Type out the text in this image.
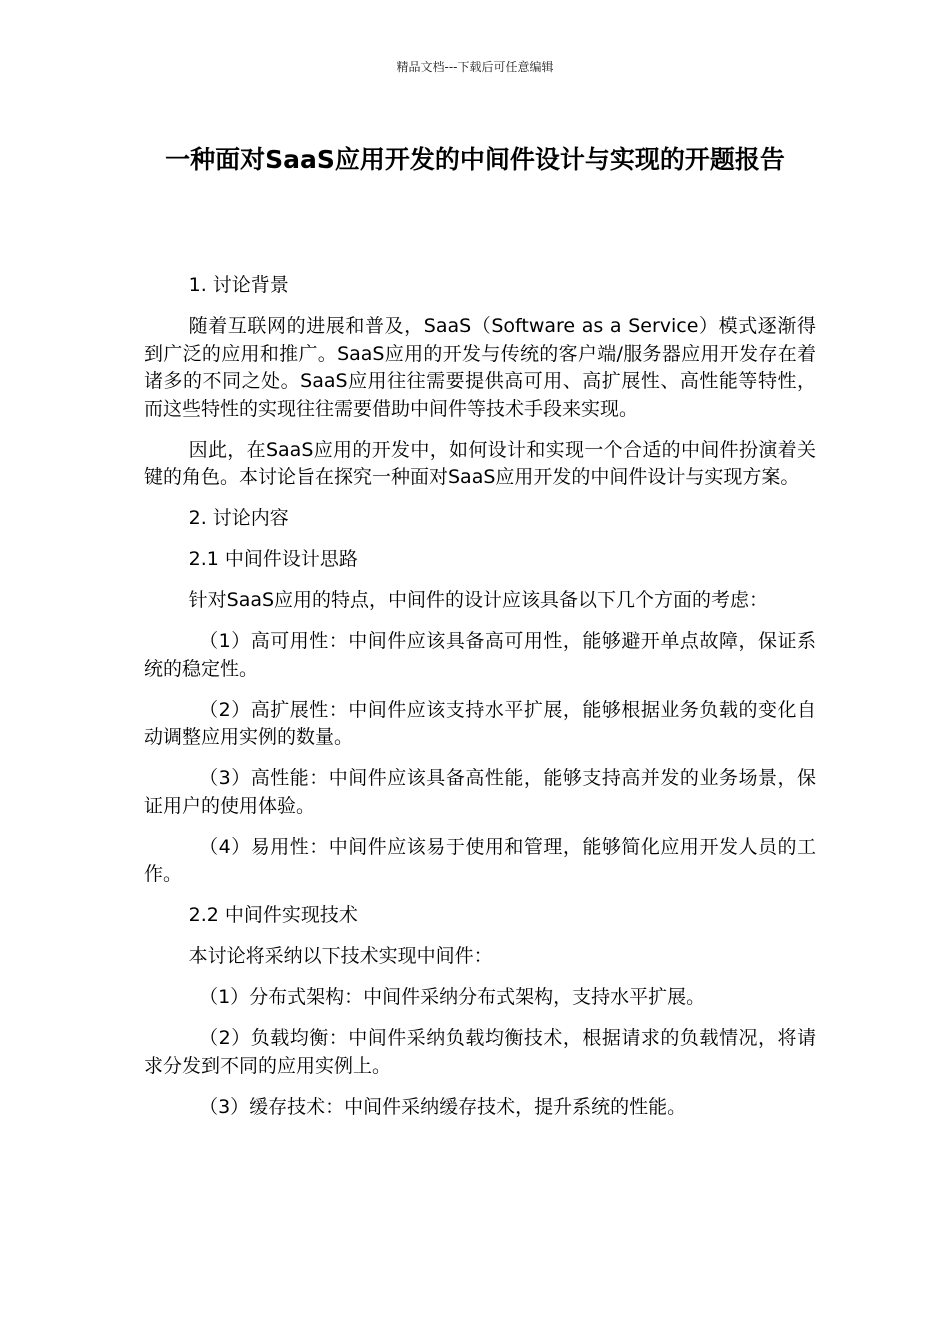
精品文档---下载后可任意编辑
一种面对SaaS应用开发的中间件设计与实现的开题报告

1. 讨论背景

随着互联网的进展和普及，SaaS（Software as a Service）模式逐渐得到广泛的应用和推广。SaaS应用的开发与传统的客户端/服务器应用开发存在着诸多的不同之处。SaaS应用往往需要提供高可用、高扩展性、高性能等特性，而这些特性的实现往往需要借助中间件等技术手段来实现。

因此，在SaaS应用的开发中，如何设计和实现一个合适的中间件扮演着关键的角色。本讨论旨在探究一种面对SaaS应用开发的中间件设计与实现方案。

2. 讨论内容

2.1 中间件设计思路

针对SaaS应用的特点，中间件的设计应该具备以下几个方面的考虑：

（1）高可用性：中间件应该具备高可用性，能够避开单点故障，保证系统的稳定性。

（2）高扩展性：中间件应该支持水平扩展，能够根据业务负载的变化自动调整应用实例的数量。

（3）高性能：中间件应该具备高性能，能够支持高并发的业务场景，保证用户的使用体验。

（4）易用性：中间件应该易于使用和管理，能够简化应用开发人员的工作。

2.2 中间件实现技术

本讨论将采纳以下技术实现中间件：

（1）分布式架构：中间件采纳分布式架构，支持水平扩展。

（2）负载均衡：中间件采纳负载均衡技术，根据请求的负载情况，将请求分发到不同的应用实例上。

（3）缓存技术：中间件采纳缓存技术，提升系统的性能。
